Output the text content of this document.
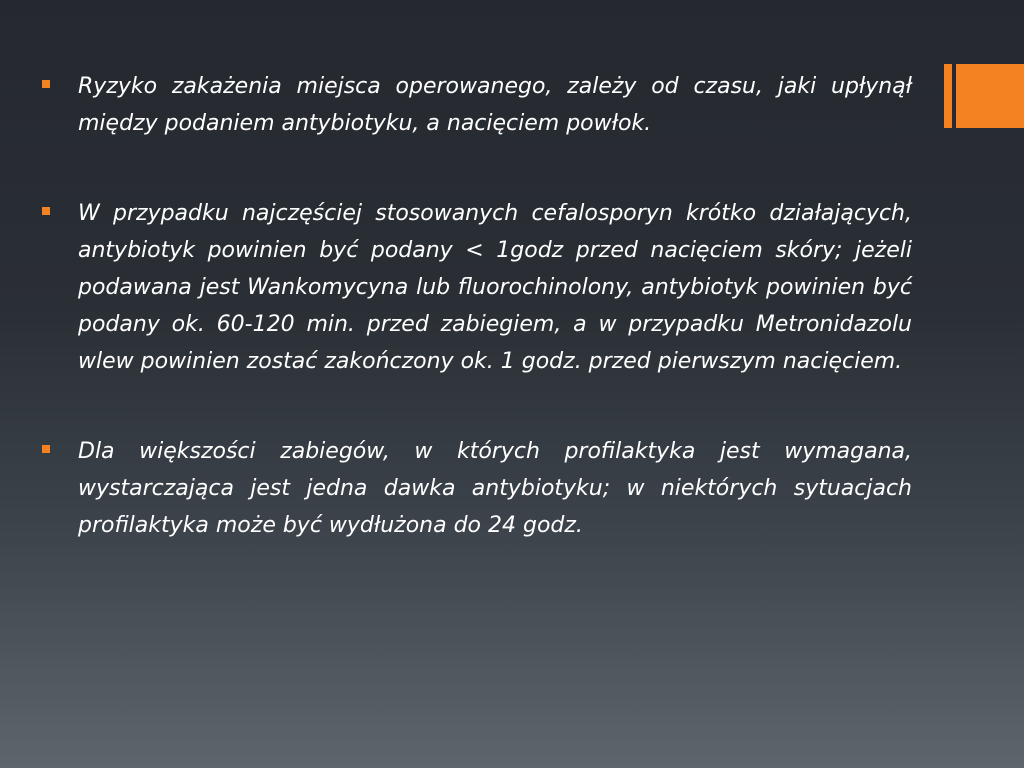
Ryzyko zakażenia miejsca operowanego, zależy od czasu, jaki upłynął między podaniem antybiotyku, a nacięciem powłok.
W przypadku najczęściej stosowanych cefalosporyn krótko działających, antybiotyk powinien być podany < 1godz przed nacięciem skóry; jeżeli podawana jest Wankomycyna lub fluorochinolony, antybiotyk powinien być podany ok. 60-120 min. przed zabiegiem, a w przypadku Metronidazolu wlew powinien zostać zakończony ok. 1 godz. przed pierwszym nacięciem.
Dla większości zabiegów, w których profilaktyka jest wymagana, wystarczająca jest jedna dawka antybiotyku; w niektórych sytuacjach profilaktyka może być wydłużona do 24 godz.
